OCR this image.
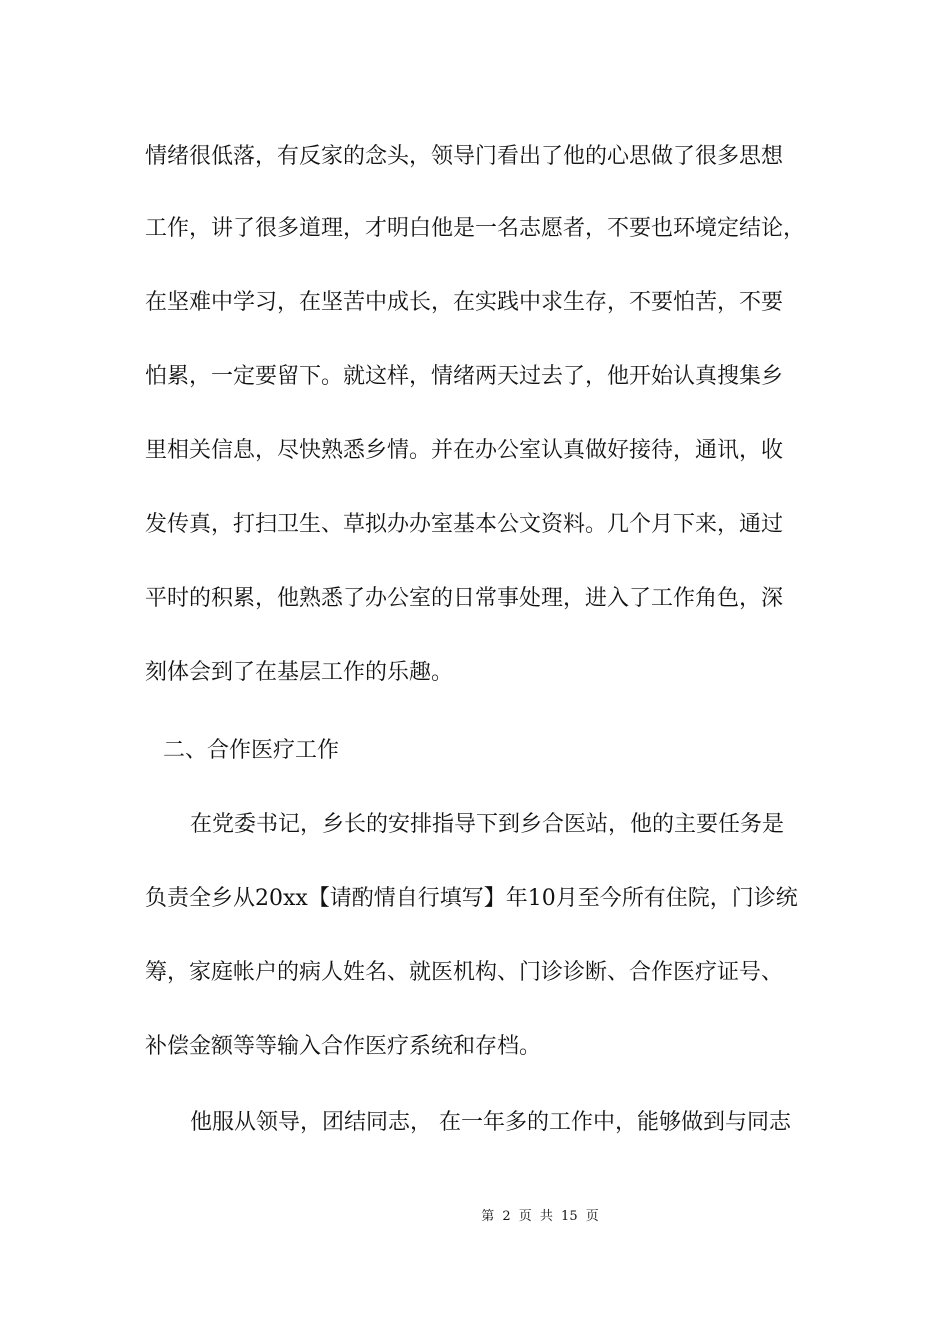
情绪很低落，有反家的念头，领导门看出了他的心思做了很多思想
工作，讲了很多道理，才明白他是一名志愿者，不要也环境定结论，
在坚难中学习，在坚苦中成长，在实践中求生存，不要怕苦，不要
怕累，一定要留下。就这样，情绪两天过去了，他开始认真搜集乡
里相关信息，尽快熟悉乡情。并在办公室认真做好接待，通讯，收
发传真，打扫卫生、草拟办办室基本公文资料。几个月下来，通过
平时的积累，他熟悉了办公室的日常事处理，进入了工作角色，深
刻体会到了在基层工作的乐趣。
二、合作医疗工作
在党委书记，乡长的安排指导下到乡合医站，他的主要任务是
负责全乡从20xx【请酌情自行填写】年10月至今所有住院，门诊统
筹，家庭帐户的病人姓名、就医机构、门诊诊断、合作医疗证号、
补偿金额等等输入合作医疗系统和存档。
他服从领导，团结同志， 在一年多的工作中，能够做到与同志
第 2 页 共 15 页
